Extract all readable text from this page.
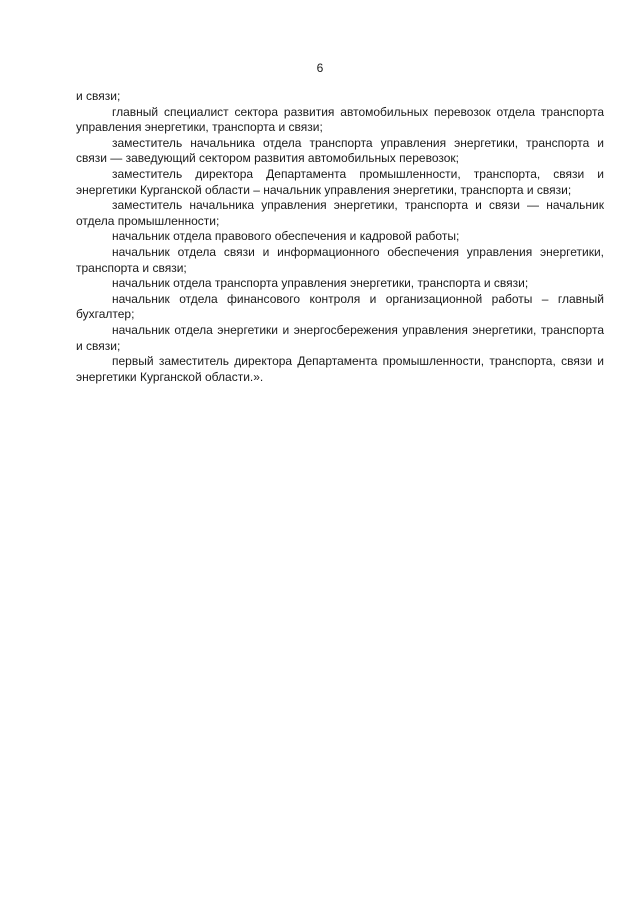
6

и связи;

главный специалист сектора развития автомобильных перевозок отдела транспорта управления энергетики, транспорта и связи;

заместитель начальника отдела транспорта управления энергетики, транспорта и связи — заведующий сектором развития автомобильных перевозок;

заместитель директора Департамента промышленности, транспорта, связи и энергетики Курганской области – начальник управления энергетики, транспорта и связи;

заместитель начальника управления энергетики, транспорта и связи — начальник отдела промышленности;

начальник отдела правового обеспечения и кадровой работы;

начальник отдела связи и информационного обеспечения управления энергетики, транспорта и связи;

начальник отдела транспорта управления энергетики, транспорта и связи;

начальник отдела финансового контроля и организационной работы – главный бухгалтер;

начальник отдела энергетики и энергосбережения управления энергетики, транспорта и связи;

первый заместитель директора Департамента промышленности, транспорта, связи и энергетики Курганской области.».
